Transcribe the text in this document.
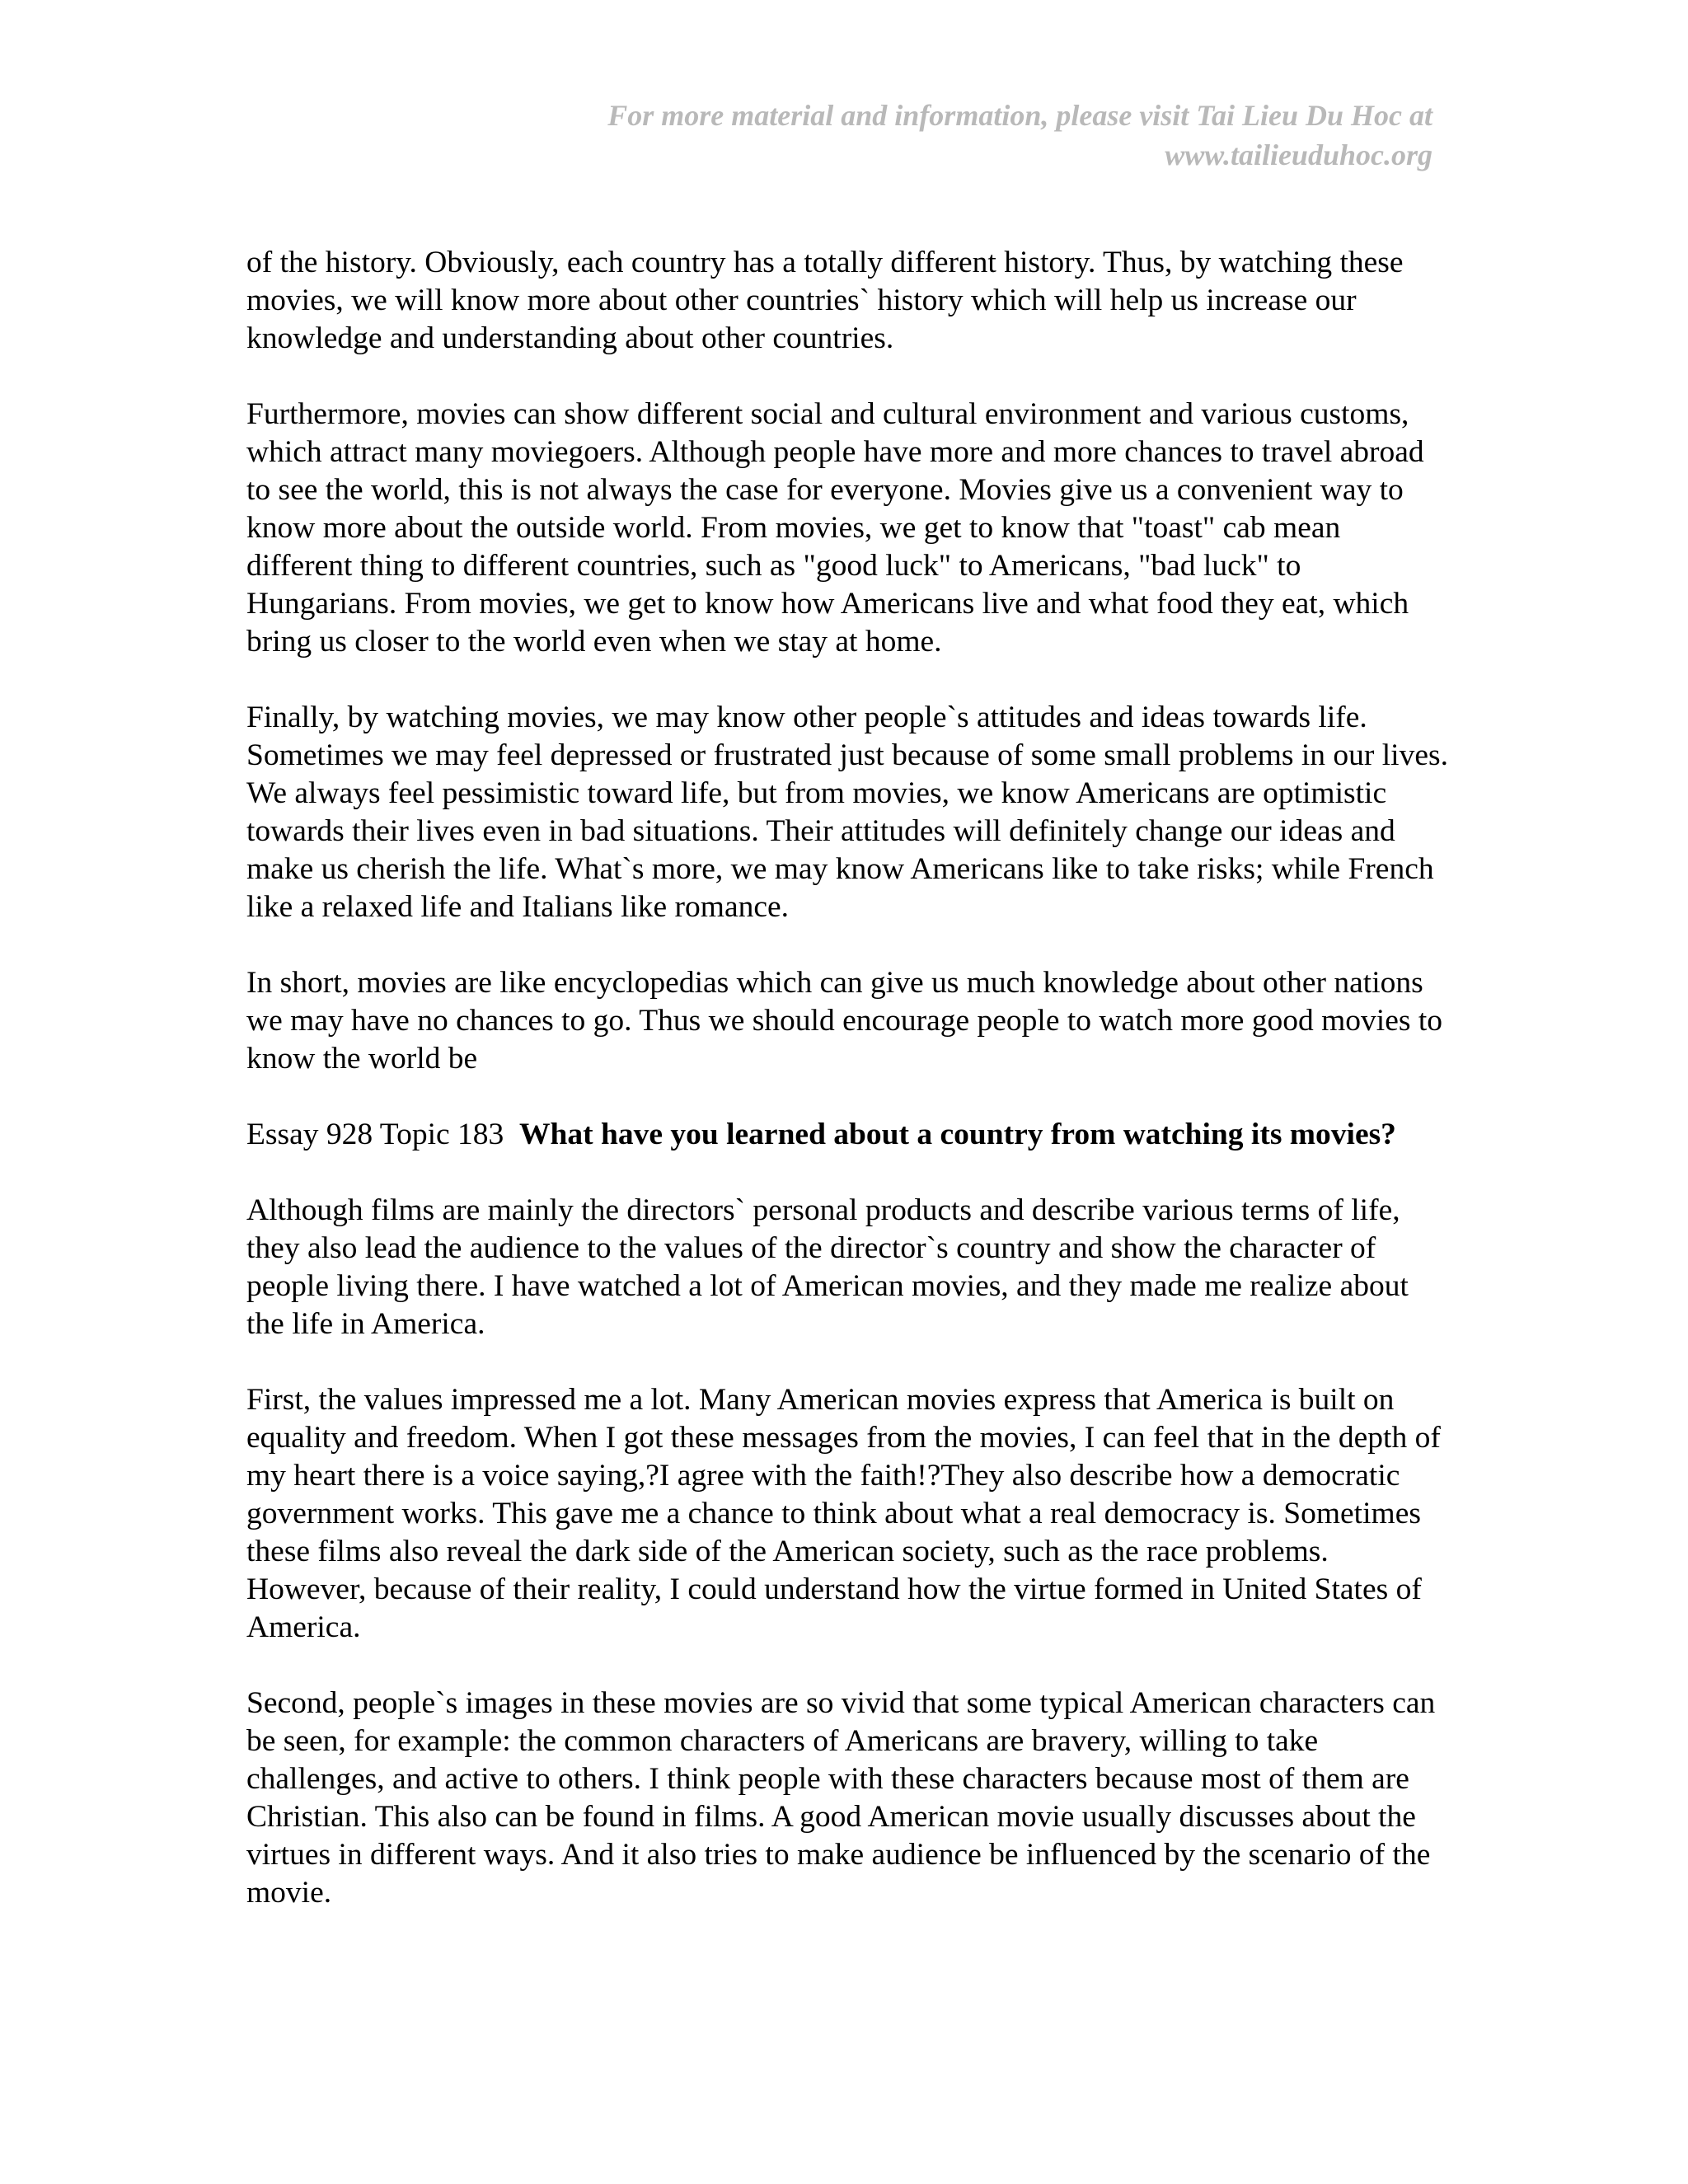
For more material and information, please visit Tai Lieu Du Hoc at
www.tailieuduhoc.org

of the history. Obviously, each country has a totally different history. Thus, by watching these movies, we will know more about other countries` history which will help us increase our knowledge and understanding about other countries.

Furthermore, movies can show different social and cultural environment and various customs, which attract many moviegoers. Although people have more and more chances to travel abroad to see the world, this is not always the case for everyone. Movies give us a convenient way to know more about the outside world. From movies, we get to know that "toast" cab mean different thing to different countries, such as "good luck" to Americans, "bad luck" to Hungarians. From movies, we get to know how Americans live and what food they eat, which bring us closer to the world even when we stay at home.

Finally, by watching movies, we may know other people`s attitudes and ideas towards life. Sometimes we may feel depressed or frustrated just because of some small problems in our lives. We always feel pessimistic toward life, but from movies, we know Americans are optimistic towards their lives even in bad situations. Their attitudes will definitely change our ideas and make us cherish the life. What`s more, we may know Americans like to take risks; while French like a relaxed life and Italians like romance.

In short, movies are like encyclopedias which can give us much knowledge about other nations we may have no chances to go. Thus we should encourage people to watch more good movies to know the world be

Essay 928 Topic 183 What have you learned about a country from watching its movies?

Although films are mainly the directors` personal products and describe various terms of life, they also lead the audience to the values of the director`s country and show the character of people living there. I have watched a lot of American movies, and they made me realize about the life in America.

First, the values impressed me a lot. Many American movies express that America is built on equality and freedom. When I got these messages from the movies, I can feel that in the depth of my heart there is a voice saying,?I agree with the faith!?They also describe how a democratic government works. This gave me a chance to think about what a real democracy is. Sometimes these films also reveal the dark side of the American society, such as the race problems. However, because of their reality, I could understand how the virtue formed in United States of America.

Second, people`s images in these movies are so vivid that some typical American characters can be seen, for example: the common characters of Americans are bravery, willing to take challenges, and active to others. I think people with these characters because most of them are Christian. This also can be found in films. A good American movie usually discusses about the virtues in different ways. And it also tries to make audience be influenced by the scenario of the movie.
